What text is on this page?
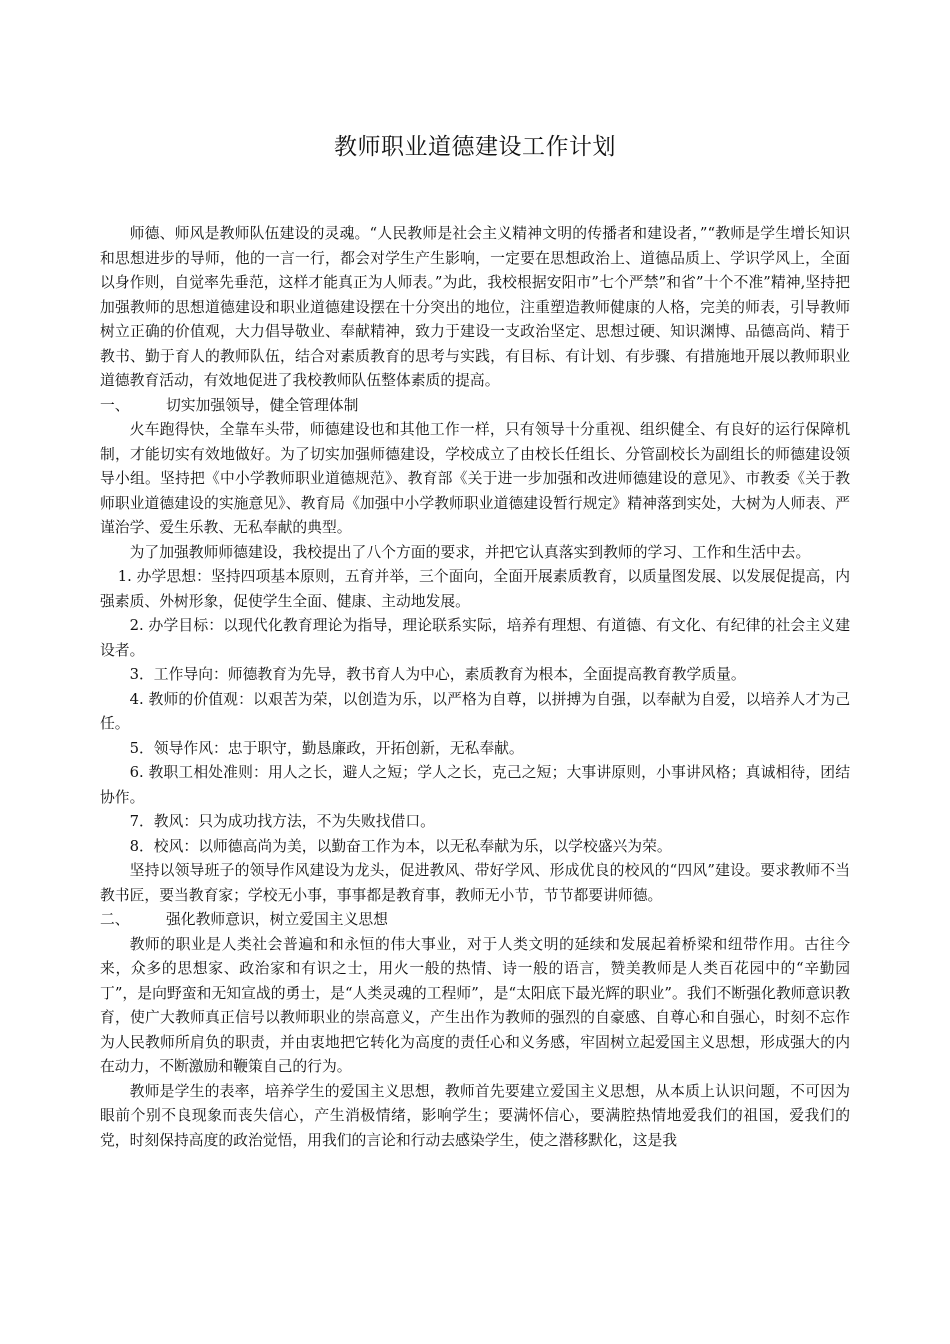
教师职业道德建设工作计划

师德、师风是教师队伍建设的灵魂。“人民教师是社会主义精神文明的传播者和建设者，”“教师是学生增长知识和思想进步的导师，他的一言一行，都会对学生产生影响，一定要在思想政治上、道德品质上、学识学风上，全面以身作则，自觉率先垂范，这样才能真正为人师表。”为此，我校根据安阳市”七个严禁”和省”十个不准”精神,坚持把加强教师的思想道德建设和职业道德建设摆在十分突出的地位，注重塑造教师健康的人格，完美的师表，引导教师树立正确的价值观，大力倡导敬业、奉献精神，致力于建设一支政治坚定、思想过硬、知识渊博、品德高尚、精于教书、勤于育人的教师队伍，结合对素质教育的思考与实践，有目标、有计划、有步骤、有措施地开展以教师职业道德教育活动，有效地促进了我校教师队伍整体素质的提高。

一、	切实加强领导，健全管理体制

火车跑得快，全靠车头带，师德建设也和其他工作一样，只有领导十分重视、组织健全、有良好的运行保障机制，才能切实有效地做好。为了切实加强师德建设，学校成立了由校长任组长、分管副校长为副组长的师德建设领导小组。坚持把《中小学教师职业道德规范》、教育部《关于进一步加强和改进师德建设的意见》、市教委《关于教师职业道德建设的实施意见》、教育局《加强中小学教师职业道德建设暂行规定》精神落到实处，大树为人师表、严谨治学、爱生乐教、无私奉献的典型。

为了加强教师师德建设，我校提出了八个方面的要求，并把它认真落实到教师的学习、工作和生活中去。

1. 办学思想：坚持四项基本原则，五育并举，三个面向，全面开展素质教育，以质量图发展、以发展促提高，内强素质、外树形象，促使学生全面、健康、主动地发展。

2. 办学目标：以现代化教育理论为指导，理论联系实际，培养有理想、有道德、有文化、有纪律的社会主义建设者。

3．工作导向：师德教育为先导，教书育人为中心，素质教育为根本，全面提高教育教学质量。

4. 教师的价值观：以艰苦为荣，以创造为乐，以严格为自尊，以拼搏为自强，以奉献为自爱，以培养人才为己任。

5．领导作风：忠于职守，勤恳廉政，开拓创新，无私奉献。

6. 教职工相处准则：用人之长，避人之短；学人之长，克己之短；大事讲原则，小事讲风格；真诚相待，团结协作。

7．教风：只为成功找方法，不为失败找借口。

8．校风：以师德高尚为美，以勤奋工作为本，以无私奉献为乐，以学校盛兴为荣。

坚持以领导班子的领导作风建设为龙头，促进教风、带好学风、形成优良的校风的“四风”建设。要求教师不当教书匠，要当教育家；学校无小事，事事都是教育事，教师无小节，节节都要讲师德。

二、	强化教师意识，树立爱国主义思想

教师的职业是人类社会普遍和和永恒的伟大事业，对于人类文明的延续和发展起着桥梁和纽带作用。古往今来，众多的思想家、政治家和有识之士，用火一般的热情、诗一般的语言，赞美教师是人类百花园中的“辛勤园丁”，是向野蛮和无知宣战的勇士，是“人类灵魂的工程师”，是“太阳底下最光辉的职业”。我们不断强化教师意识教育，使广大教师真正信号以教师职业的崇高意义，产生出作为教师的强烈的自豪感、自尊心和自强心，时刻不忘作为人民教师所肩负的职责，并由衷地把它转化为高度的责任心和义务感，牢固树立起爱国主义思想，形成强大的内在动力，不断激励和鞭策自己的行为。

教师是学生的表率，培养学生的爱国主义思想，教师首先要建立爱国主义思想，从本质上认识问题，不可因为眼前个别不良现象而丧失信心，产生消极情绪，影响学生；要满怀信心，要满腔热情地爱我们的祖国，爱我们的党，时刻保持高度的政治觉悟，用我们的言论和行动去感染学生，使之潜移默化，这是我
